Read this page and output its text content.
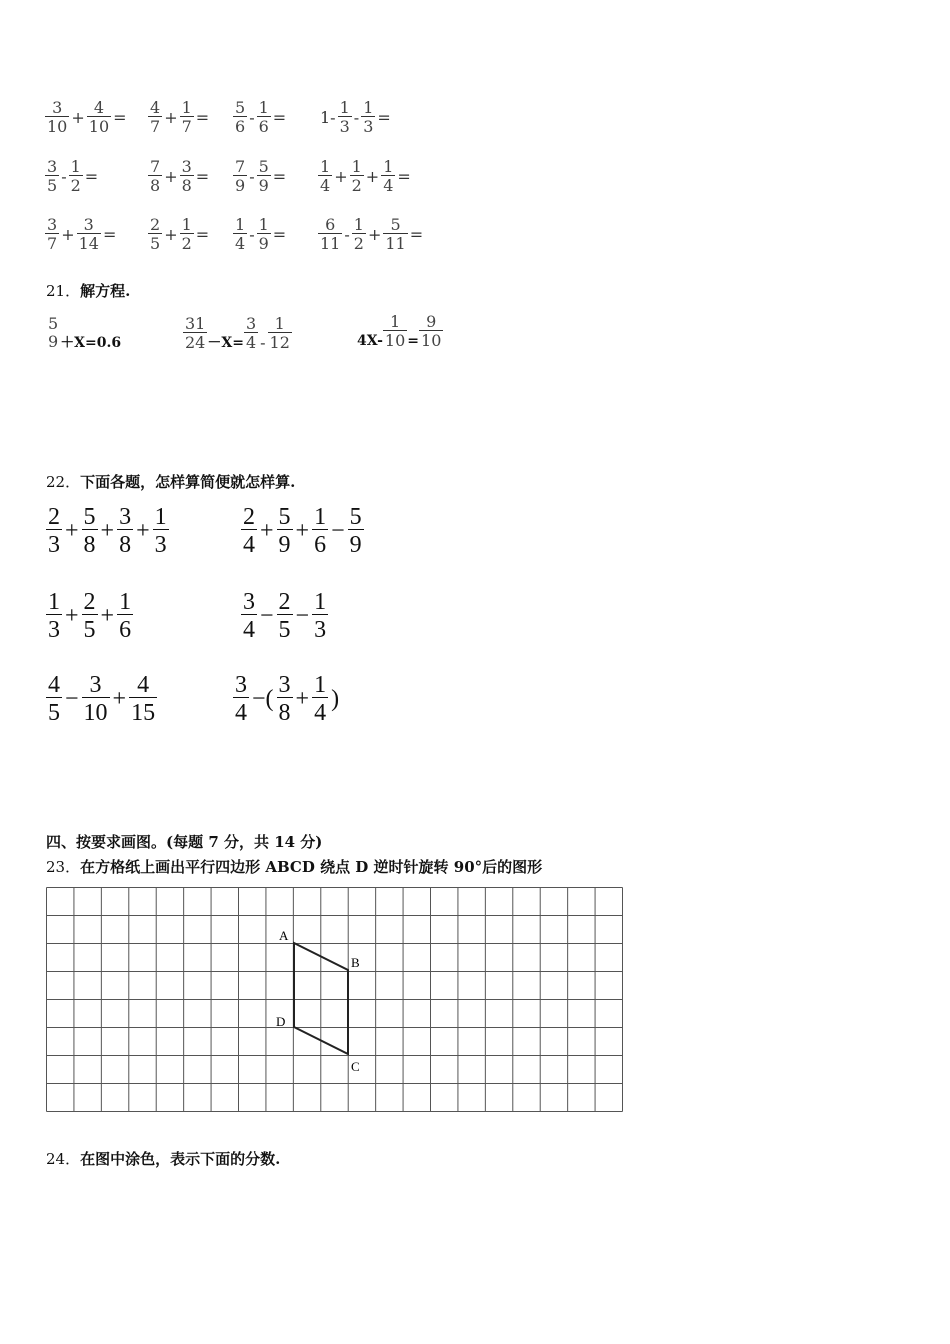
$\frac{3}{10} + \frac{4}{10} = \frac{4}{7} + \frac{1}{7} = \frac{5}{6} - \frac{1}{6} = 1- \frac{1}{3} - \frac{1}{3}$ =
$\frac{3}{5} - \frac{1}{2}$ =	$\frac{7}{8} + \frac{3}{8} = \frac{7}{9} - \frac{5}{9} = \frac{1}{4} + \frac{1}{2} + \frac{1}{4}$ =
$\frac{3}{7} + \frac{3}{14} = \frac{2}{5} + \frac{1}{2} = \frac{1}{4} - \frac{1}{9} = \frac{6}{11} - \frac{1}{2} + \frac{5}{11}$ =
21．解方程.
5
9 ＋X=0.6
31
$24 -X= \frac{3}{4}$ -
1
12	$4X- \frac{1}{10} = \frac{9}{10}$
22．下面各题，怎样算简便就怎样算.
$\frac{2}{3} + \frac{5}{8} + \frac{3}{8} + \frac{1}{3}$	$\frac{2}{4} + \frac{5}{9} + \frac{1}{6} - \frac{5}{9}$
$\frac{1}{3} + \frac{2}{5} + \frac{1}{6}$	$\frac{3}{4} - \frac{2}{5} - \frac{1}{3}$
$\frac{4}{5} - \frac{3}{10} + \frac{4}{15}$	$\frac{3}{4}$ −( $\frac{3}{8} + \frac{1}{4}$ )
四、按要求画图。(每题 7 分，共 14 分)
23．在方格纸上画出平行四边形 ABCD 绕点 D 逆时针旋转 90°后的图形
A
B
C
D
24．在图中涂色，表示下面的分数.
